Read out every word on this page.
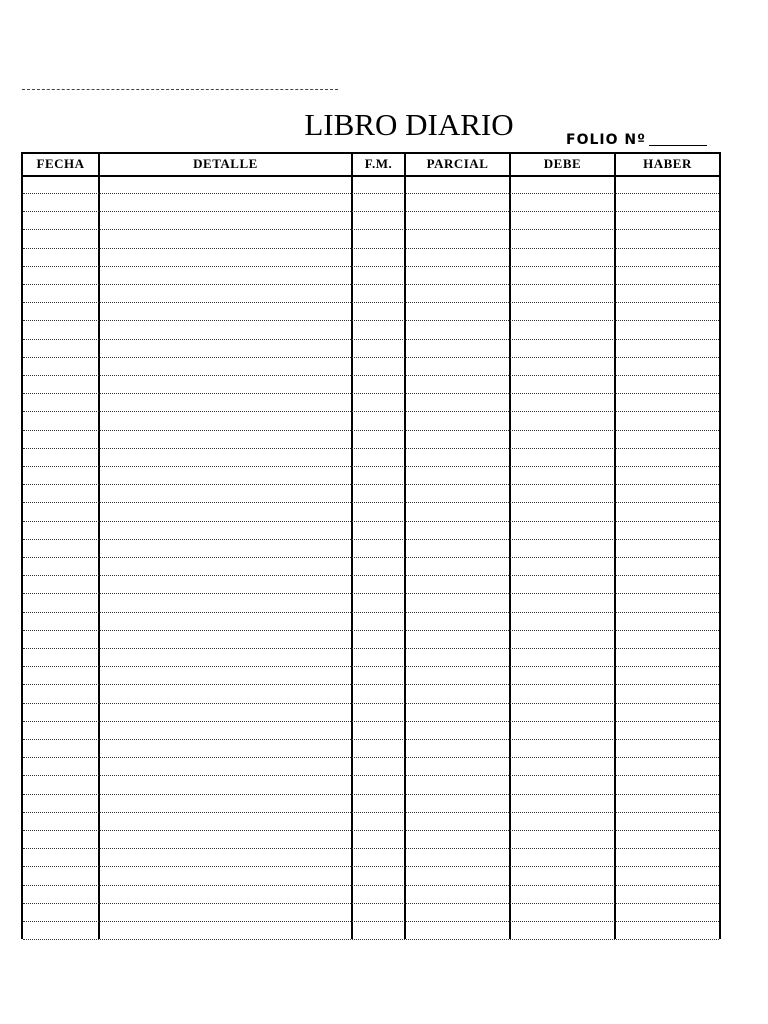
LIBRO DIARIO	FOLIO Nº
FECHA	DETALLE	F.M.	PARCIAL	DEBE	HABER
